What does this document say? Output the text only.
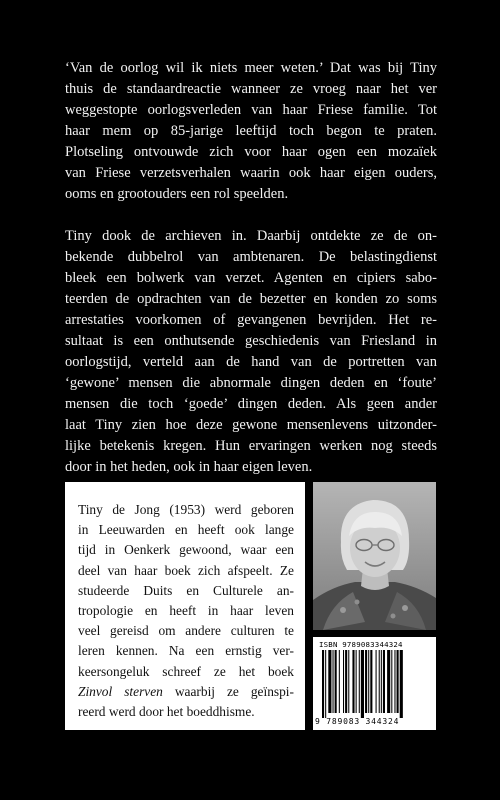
‘Van de oorlog wil ik niets meer weten.’ Dat was bij Tiny
thuis de standaardreactie wanneer ze vroeg naar het ver
weggestopte oorlogsverleden van haar Friese familie. Tot
haar mem op 85-jarige leeftijd toch begon te praten.
Plotseling ontvouwde zich voor haar ogen een mozaïek
van Friese verzetsverhalen waarin ook haar eigen ouders,
ooms en grootouders een rol speelden.
Tiny dook de archieven in. Daarbij ontdekte ze de on-
bekende dubbelrol van ambtenaren. De belastingdienst
bleek een bolwerk van verzet. Agenten en cipiers sabo-
teerden de opdrachten van de bezetter en konden zo soms
arrestaties voorkomen of gevangenen bevrijden. Het re-
sultaat is een onthutsende geschiedenis van Friesland in
oorlogstijd, verteld aan de hand van de portretten van
‘gewone’ mensen die abnormale dingen deden en ‘foute’
mensen die toch ‘goede’ dingen deden. Als geen ander
laat Tiny zien hoe deze gewone mensenlevens uitzonder-
lijke betekenis kregen. Hun ervaringen werken nog steeds
door in het heden, ook in haar eigen leven.
Tiny de Jong (1953) werd geboren
in Leeuwarden en heeft ook lange
tijd in Oenkerk gewoond, waar een
deel van haar boek zich afspeelt. Ze
studeerde Duits en Culturele an-
tropologie en heeft in haar leven
veel gereisd om andere culturen te
leren kennen. Na een ernstig ver-
keersongeluk schreef ze het boek
Zinvol sterven waarbij ze geïnspi-
reerd werd door het boeddhisme.
ISBN 9789083344324
9 789083 344324
